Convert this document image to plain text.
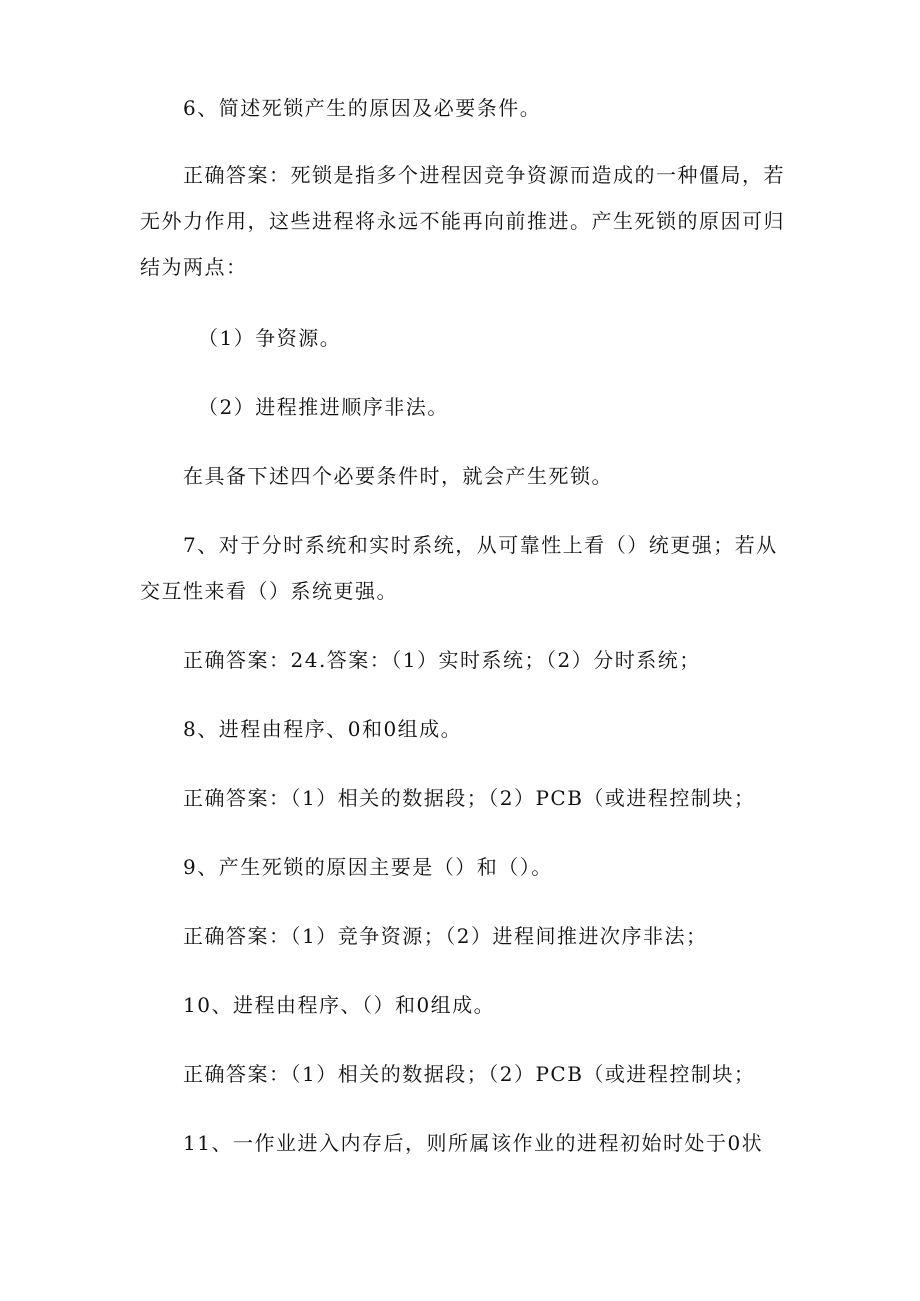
6、简述死锁产生的原因及必要条件。

正确答案：死锁是指多个进程因竞争资源而造成的一种僵局，若无外力作用，这些进程将永远不能再向前推进。产生死锁的原因可归结为两点：

（1）争资源。

（2）进程推进顺序非法。

在具备下述四个必要条件时，就会产生死锁。

7、对于分时系统和实时系统，从可靠性上看（）统更强；若从交互性来看（）系统更强。

正确答案：24.答案：（1）实时系统；（2）分时系统；

8、进程由程序、0和0组成。

正确答案：（1）相关的数据段；（2）PCB（或进程控制块；

9、产生死锁的原因主要是（）和（）。

正确答案：（1）竞争资源；（2）进程间推进次序非法；

10、进程由程序、（）和0组成。

正确答案：（1）相关的数据段；（2）PCB（或进程控制块；

11、一作业进入内存后，则所属该作业的进程初始时处于0状
